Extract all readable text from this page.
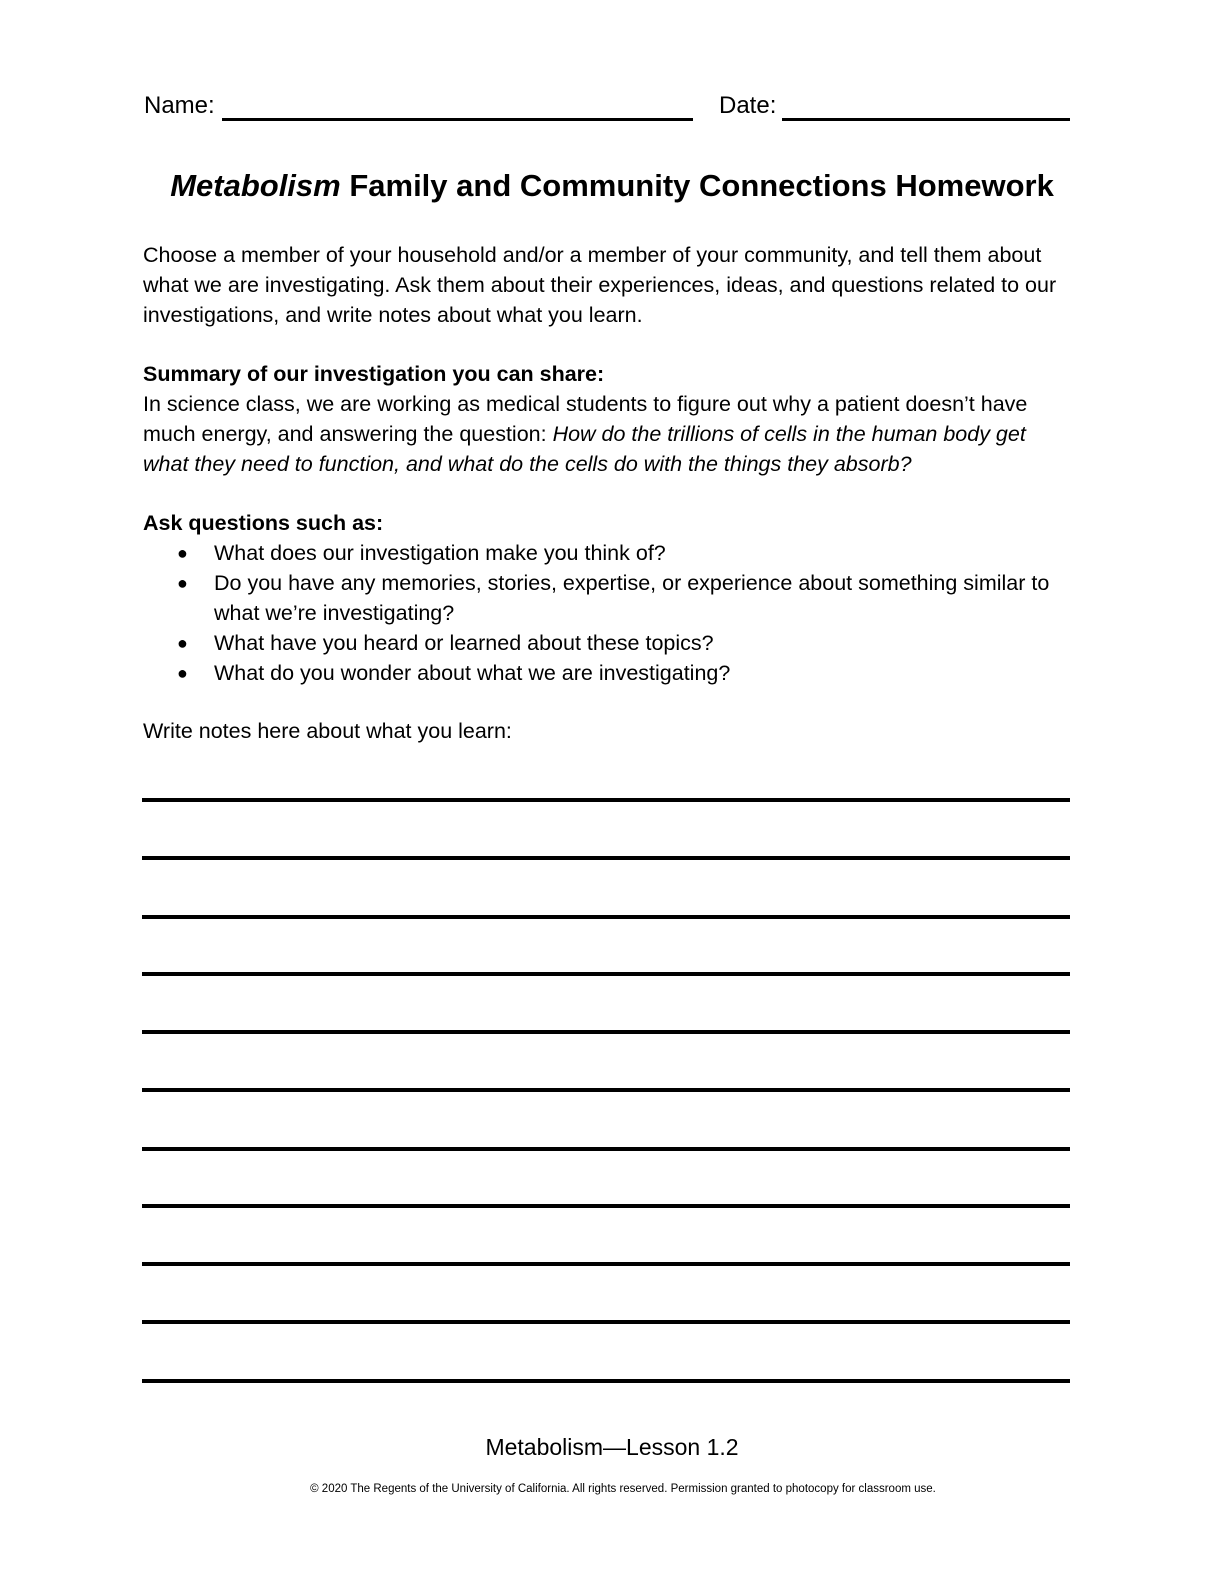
Name:	Date:
Metabolism Family and Community Connections Homework

Choose a member of your household and/or a member of your community, and tell them about what we are investigating. Ask them about their experiences, ideas, and questions related to our investigations, and write notes about what you learn.

Summary of our investigation you can share:

In science class, we are working as medical students to figure out why a patient doesn’t have much energy, and answering the question: How do the trillions of cells in the human body get what they need to function, and what do the cells do with the things they absorb?

Ask questions such as:

● What does our investigation make you think of?
● Do you have any memories, stories, expertise, or experience about something similar to what we’re investigating?
● What have you heard or learned about these topics?
● What do you wonder about what we are investigating?

Write notes here about what you learn:

Metabolism—Lesson 1.2
© 2020 The Regents of the University of California. All rights reserved. Permission granted to photocopy for classroom use.
